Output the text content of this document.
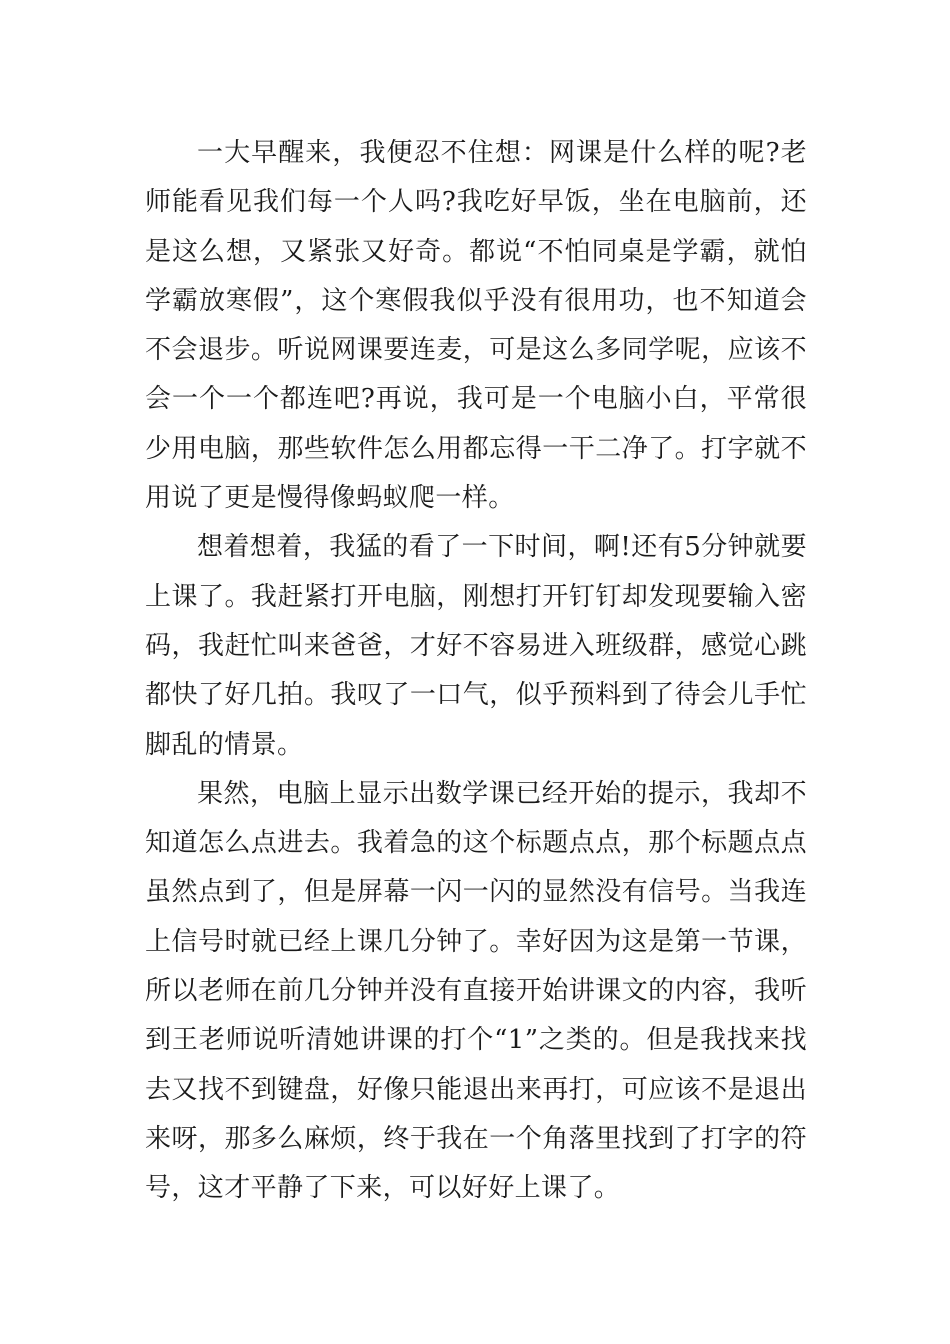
一大早醒来，我便忍不住想：网课是什么样的呢?老师能看见我们每一个人吗?我吃好早饭，坐在电脑前，还是这么想，又紧张又好奇。都说“不怕同桌是学霸，就怕学霸放寒假”，这个寒假我似乎没有很用功，也不知道会不会退步。听说网课要连麦，可是这么多同学呢，应该不会一个一个都连吧?再说，我可是一个电脑小白，平常很少用电脑，那些软件怎么用都忘得一干二净了。打字就不用说了更是慢得像蚂蚁爬一样。

想着想着，我猛的看了一下时间，啊!还有5分钟就要上课了。我赶紧打开电脑，刚想打开钉钉却发现要输入密码，我赶忙叫来爸爸，才好不容易进入班级群，感觉心跳都快了好几拍。我叹了一口气，似乎预料到了待会儿手忙脚乱的情景。

果然，电脑上显示出数学课已经开始的提示，我却不知道怎么点进去。我着急的这个标题点点，那个标题点点虽然点到了，但是屏幕一闪一闪的显然没有信号。当我连上信号时就已经上课几分钟了。幸好因为这是第一节课，所以老师在前几分钟并没有直接开始讲课文的内容，我听到王老师说听清她讲课的打个“1”之类的。但是我找来找去又找不到键盘，好像只能退出来再打，可应该不是退出来呀，那多么麻烦，终于我在一个角落里找到了打字的符号，这才平静了下来，可以好好上课了。
